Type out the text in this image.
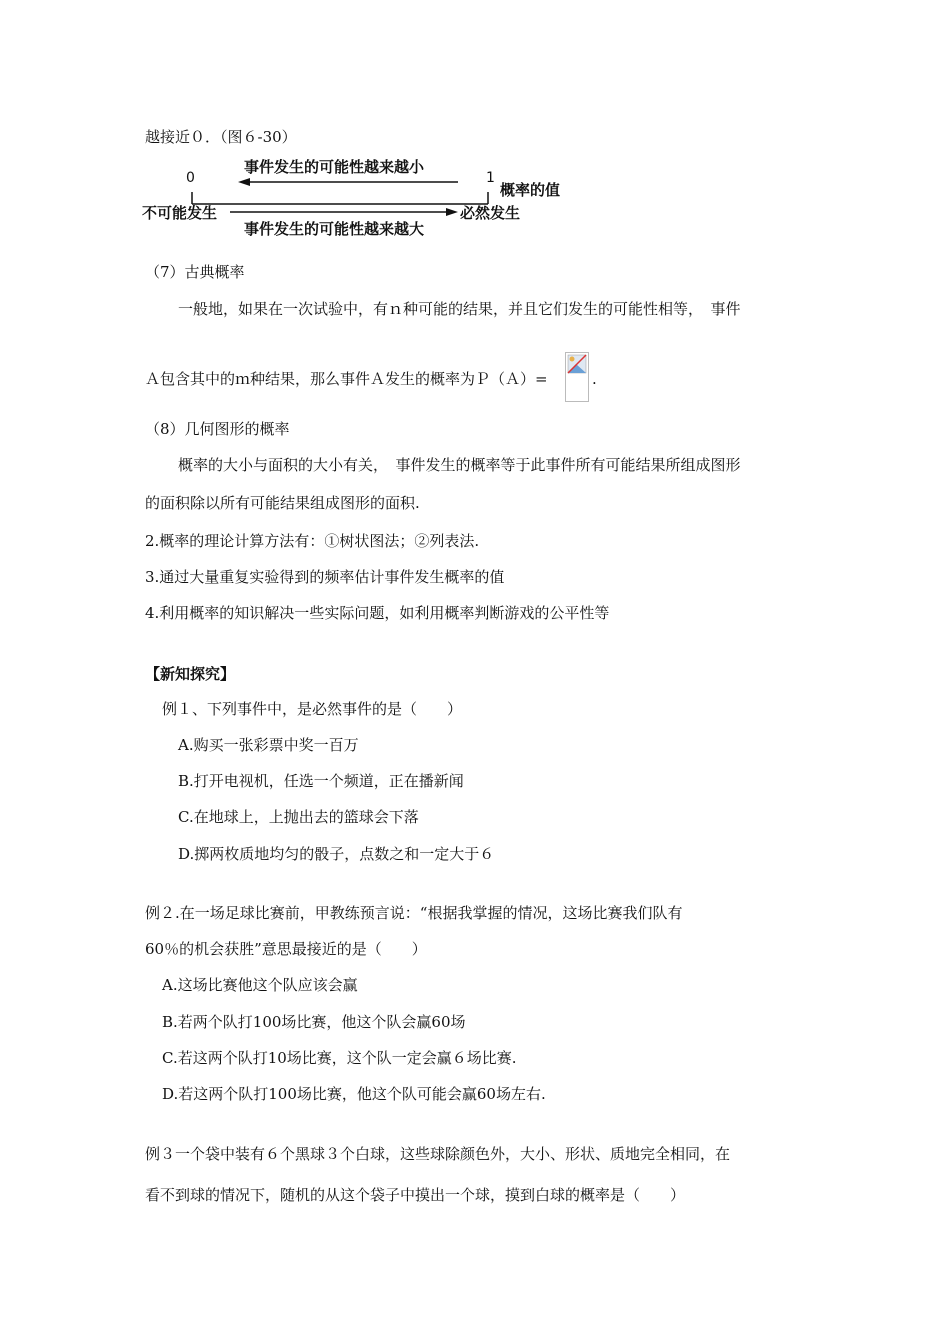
越接近０．（图６-30）
0	1
事件发生的可能性越来越小
概率的值
不可能发生	必然发生
事件发生的可能性越来越大
（7）古典概率
一般地，如果在一次试验中，有ｎ种可能的结果，并且它们发生的可能性相等，　事件
Ａ包含其中的ｍ种结果，那么事件Ａ发生的概率为Ｐ（Ａ）=	.
（8）几何图形的概率
概率的大小与面积的大小有关，　事件发生的概率等于此事件所有可能结果所组成图形
的面积除以所有可能结果组成图形的面积.
2.概率的理论计算方法有：①树状图法；②列表法.
3.通过大量重复实验得到的频率估计事件发生概率的值
4.利用概率的知识解决一些实际问题，如利用概率判断游戏的公平性等
【新知探究】
例１、下列事件中，是必然事件的是（　　）
A.购买一张彩票中奖一百万
B.打开电视机，任选一个频道，正在播新闻
C.在地球上，上抛出去的篮球会下落
D.掷两枚质地均匀的骰子，点数之和一定大于６
例２.在一场足球比赛前，甲教练预言说：“根据我掌握的情况，这场比赛我们队有
60％的机会获胜”意思最接近的是（　　）
A.这场比赛他这个队应该会赢
B.若两个队打100场比赛，他这个队会赢60场
C.若这两个队打10场比赛，这个队一定会赢６场比赛.
D.若这两个队打100场比赛，他这个队可能会赢60场左右.
例３一个袋中装有６个黑球３个白球，这些球除颜色外，大小、形状、质地完全相同，在
看不到球的情况下，随机的从这个袋子中摸出一个球，摸到白球的概率是（　　）
